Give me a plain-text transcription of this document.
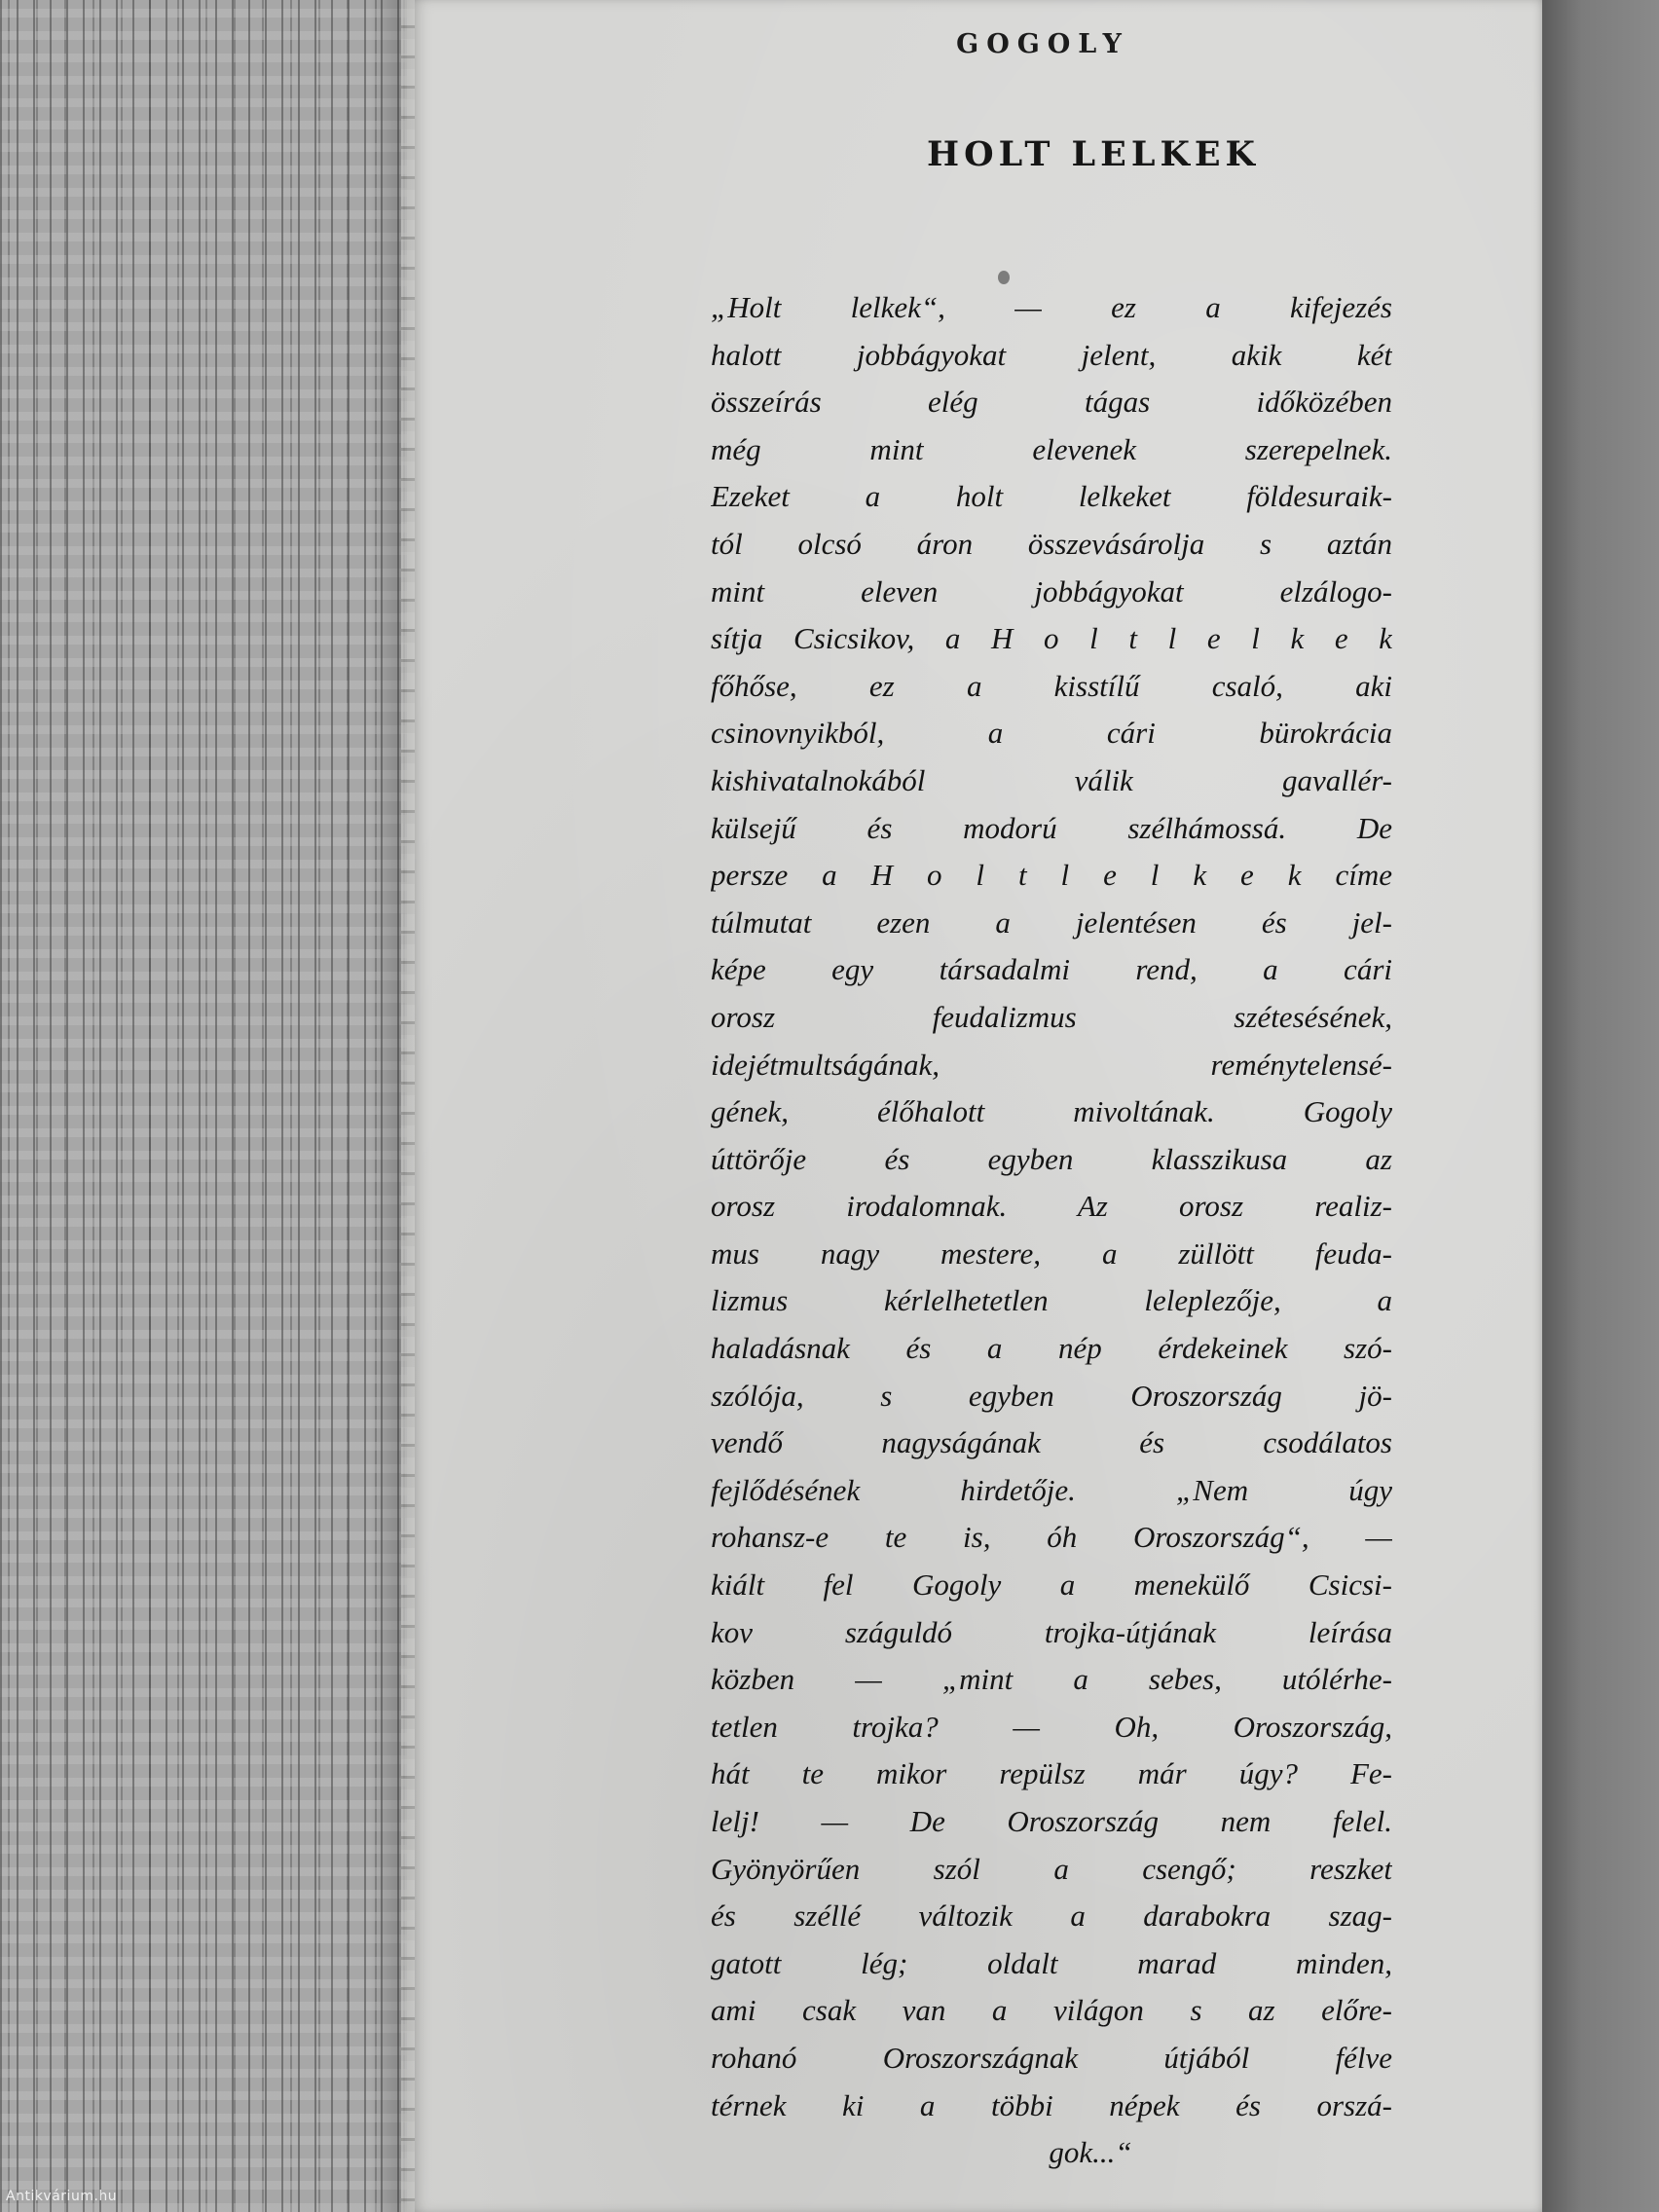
GOGOLY
HOLT LELKEK
„Holt lelkek“, — ez a kifejezés
halott jobbágyokat jelent, akik két
összeírás elég tágas időközében
még mint elevenek szerepelnek.
Ezeket a holt lelkeket földesuraik-
tól olcsó áron összevásárolja s aztán
mint eleven jobbágyokat elzálogo-
sítja Csicsikov, a H o l t l e l k e k
főhőse, ez a kisstílű csaló, aki
csinovnyikból, a cári bürokrácia
kishivatalnokából válik gavallér-
külsejű és modorú szélhámossá. De
persze a H o l t l e l k e k címe
túlmutat ezen a jelentésen és jel-
képe egy társadalmi rend, a cári
orosz feudalizmus szétesésének,
idejétmultságának, reménytelensé-
gének, élőhalott mivoltának. Gogoly
úttörője és egyben klasszikusa az
orosz irodalomnak. Az orosz realiz-
mus nagy mestere, a züllött feuda-
lizmus kérlelhetetlen leleplezője, a
haladásnak és a nép érdekeinek szó-
szólója, s egyben Oroszország jö-
vendő nagyságának és csodálatos
fejlődésének hirdetője. „Nem úgy
rohansz-e te is, óh Oroszország“, —
kiált fel Gogoly a menekülő Csicsi-
kov száguldó trojka-útjának leírása
közben — „mint a sebes, utólérhe-
tetlen trojka? — Oh, Oroszország,
hát te mikor repülsz már úgy? Fe-
lelj! — De Oroszország nem felel.
Gyönyörűen szól a csengő; reszket
és széllé változik a darabokra szag-
gatott lég; oldalt marad minden,
ami csak van a világon s az előre-
rohanó Oroszországnak útjából félve
térnek ki a többi népek és orszá-
gok...“

Antikvárium.hu
